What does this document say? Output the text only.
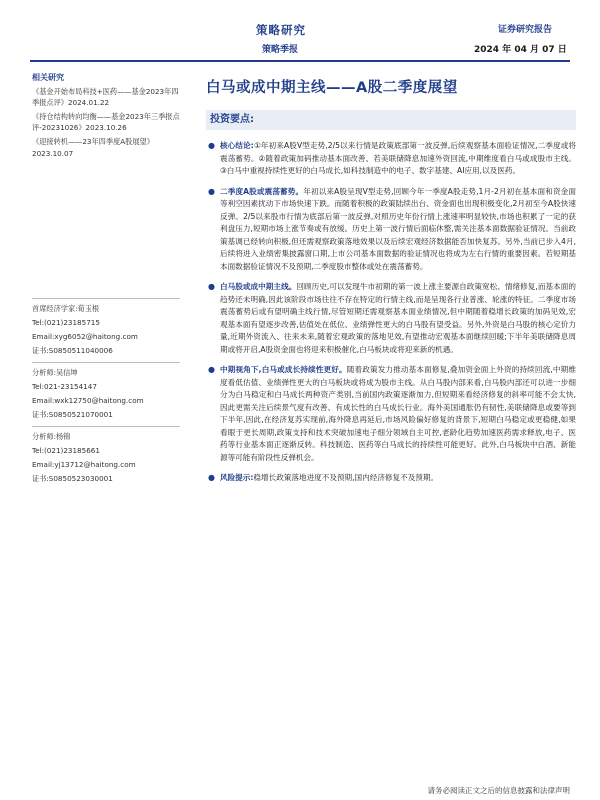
策略研究
策略季报
证券研究报告
2024 年 04 月 07 日
相关研究
《基金开始布局科技+医药——基金2023年四季报点评》2024.01.22
《持仓结构转向均衡——基金2023年三季报点评-20231026》2023.10.26
《迎接转机——23年四季度A股展望》2023.10.07
首席经济学家:荀玉根
Tel:(021)23185715
Email:xyg6052@haitong.com
证书:S0850511040006
分析师:吴信坤
Tel:021-23154147
Email:wxk12750@haitong.com
证书:S0850521070001
分析师:杨锦
Tel:(021)23185661
Email:yj13712@haitong.com
证书:S0850523030001
白马或成中期主线——A股二季度展望
投资要点:
● 核心结论:①年初来A股V型走势,2/5以来行情是政策底部第一波反弹,后续观察基本面验证情况,二季度或将震荡蓄势。②随着政策加码推动基本面改善、若美联储降息加速外资回流,中期维度看白马或成股市主线。③白马中重视持续性更好的白马成长,如科技制造中的电子、数字基建、AI应用,以及医药。
● 二季度A股或震荡蓄势。年初以来A股呈现V型走势,回顾今年一季度A股走势,1月-2月初在基本面和资金面等利空因素扰动下市场快速下跌。而随着积极的政策陆续出台、资金面也出现积极变化,2月初至今A股快速反弹。2/5以来股市行情为底部后第一波反弹,对照历史年份行情上涨速率明显较快,市场也积累了一定的获利盘压力,短期市场上涨节奏或有放缓。历史上第一波行情后面临休整,需关注基本面数据验证情况。当前政策基调已经转向积极,但还需观察政策落地效果以及后续宏观经济数据能否加快复苏。另外,当前已步入4月,后续将进入业绩密集披露窗口期,上市公司基本面数据的验证情况也将成为左右行情的重要因素。若短期基本面数据验证情况不及预期,二季度股市整体或处在震荡蓄势。
● 白马股或成中期主线。回顾历史,可以发现牛市初期的第一波上涨主要源自政策宽松、情绪修复,而基本面的趋势还未明确,因此该阶段市场往往不存在特定的行情主线,而是呈现各行业普涨、轮涨的特征。二季度市场震荡蓄势后或有望明确主线行情,尽管短期还需观察基本面业绩情况,但中期随着稳增长政策的加码见效,宏观基本面有望逐步改善,估值处在低位、业绩弹性更大的白马股有望受益。另外,外资是白马股的核心定价力量,近期外资流入、往来未来,随着宏观政策的落地见效,有望推动宏观基本面继续回暖;下半年美联储降息周期或将开启,A股资金面也将迎来积极催化,白马板块或将迎来新的机遇。
● 中期视角下,白马或成长持续性更好。随着政策发力推动基本面修复,叠加资金面上外资的持续回流,中期维度看低估值、业绩弹性更大的白马板块或将成为股市主线。从白马股内部来看,白马股内部还可以进一步细分为白马稳定和白马成长两种资产类别,当前国内政策逐渐加力,但短期来看经济修复的斜率可能不会太快,因此更需关注后续景气度有改善、有成长性的白马成长行业。海外美国通胀仍有韧性,美联储降息或要等到下半年,因此,在经济复苏实现前,海外降息再延后,市场风险偏好修复的背景下,短期白马稳定或更稳健,如果看眼于更长周期,政策支持和技术突破加速电子细分领域自主可控,老龄化趋势加速医药需求释放,电子、医药等行业基本面正逐渐反转。科技制造、医药等白马成长的持续性可能更好。此外,白马板块中白酒、新能源等可能有阶段性反弹机会。
● 风险提示:稳增长政策落地进度不及预期,国内经济修复不及预期。
请务必阅读正文之后的信息披露和法律声明
